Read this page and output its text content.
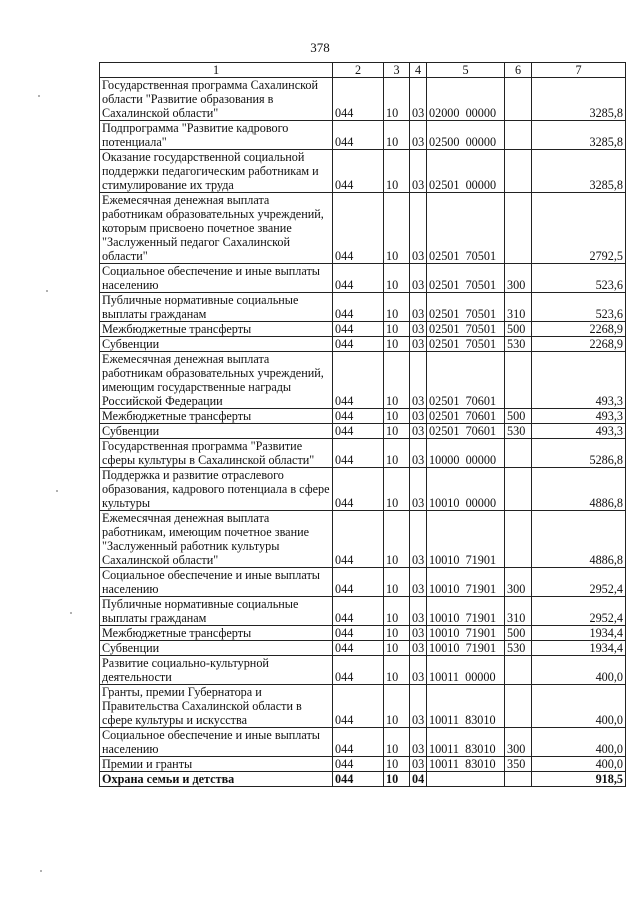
378
1	2	3	4	5	6	7
Государственная программа Сахалинской области "Развитие образования в Сахалинской области"	044	10	03	02000  00000		3285,8
Подпрограмма "Развитие кадрового потенциала"	044	10	03	02500  00000		3285,8
Оказание государственной социальной поддержки педагогическим работникам и стимулирование их труда	044	10	03	02501  00000		3285,8
Ежемесячная денежная выплата работникам образовательных учреждений, которым присвоено почетное звание "Заслуженный педагог Сахалинской области"	044	10	03	02501  70501		2792,5
Социальное обеспечение и иные выплаты населению	044	10	03	02501  70501	300	523,6
Публичные нормативные социальные выплаты гражданам	044	10	03	02501  70501	310	523,6
Межбюджетные трансферты	044	10	03	02501  70501	500	2268,9
Субвенции	044	10	03	02501  70501	530	2268,9
Ежемесячная денежная выплата работникам образовательных учреждений, имеющим государственные награды Российской Федерации	044	10	03	02501  70601		493,3
Межбюджетные трансферты	044	10	03	02501  70601	500	493,3
Субвенции	044	10	03	02501  70601	530	493,3
Государственная программа "Развитие сферы культуры в Сахалинской области"	044	10	03	10000  00000		5286,8
Поддержка и развитие отраслевого образования, кадрового потенциала в сфере культуры	044	10	03	10010  00000		4886,8
Ежемесячная денежная выплата работникам, имеющим почетное звание "Заслуженный работник культуры Сахалинской области"	044	10	03	10010  71901		4886,8
Социальное обеспечение и иные выплаты населению	044	10	03	10010  71901	300	2952,4
Публичные нормативные социальные выплаты гражданам	044	10	03	10010  71901	310	2952,4
Межбюджетные трансферты	044	10	03	10010  71901	500	1934,4
Субвенции	044	10	03	10010  71901	530	1934,4
Развитие социально-культурной деятельности	044	10	03	10011  00000		400,0
Гранты, премии Губернатора и Правительства Сахалинской области в сфере культуры и искусства	044	10	03	10011  83010		400,0
Социальное обеспечение и иные выплаты населению	044	10	03	10011  83010	300	400,0
Премии и гранты	044	10	03	10011  83010	350	400,0
Охрана семьи и детства	044	10	04			918,5
